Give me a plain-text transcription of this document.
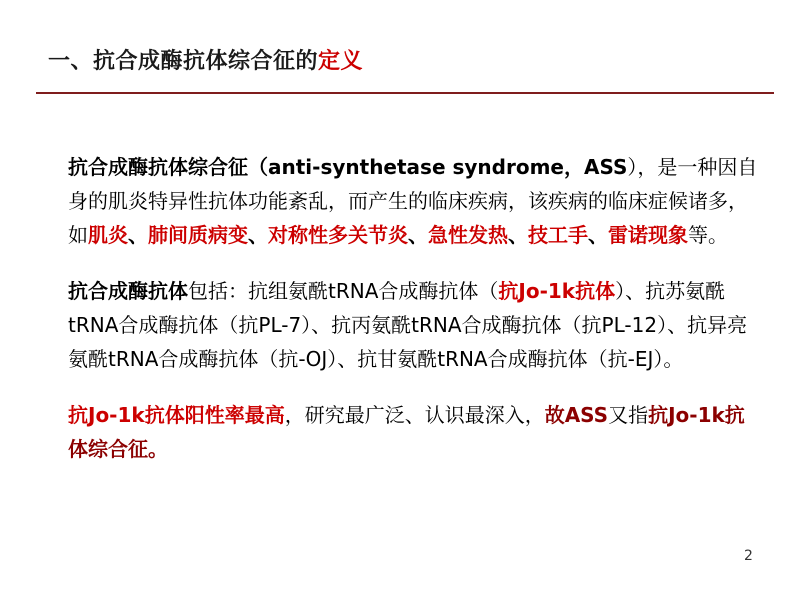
一、抗合成酶抗体综合征的定义

抗合成酶抗体综合征（anti-synthetase syndrome，ASS），是一种因自身的肌炎特异性抗体功能紊乱，而产生的临床疾病，该疾病的临床症候诸多，如肌炎、肺间质病变、对称性多关节炎、急性发热、技工手、雷诺现象等。

抗合成酶抗体包括：抗组氨酰tRNA合成酶抗体（抗Jo-1k抗体）、抗苏氨酰tRNA合成酶抗体（抗PL-7）、抗丙氨酰tRNA合成酶抗体（抗PL-12）、抗异亮氨酰tRNA合成酶抗体（抗-OJ）、抗甘氨酰tRNA合成酶抗体（抗-EJ）。

抗Jo-1k抗体阳性率最高，研究最广泛、认识最深入，故ASS又指抗Jo-1k抗体综合征。

2
